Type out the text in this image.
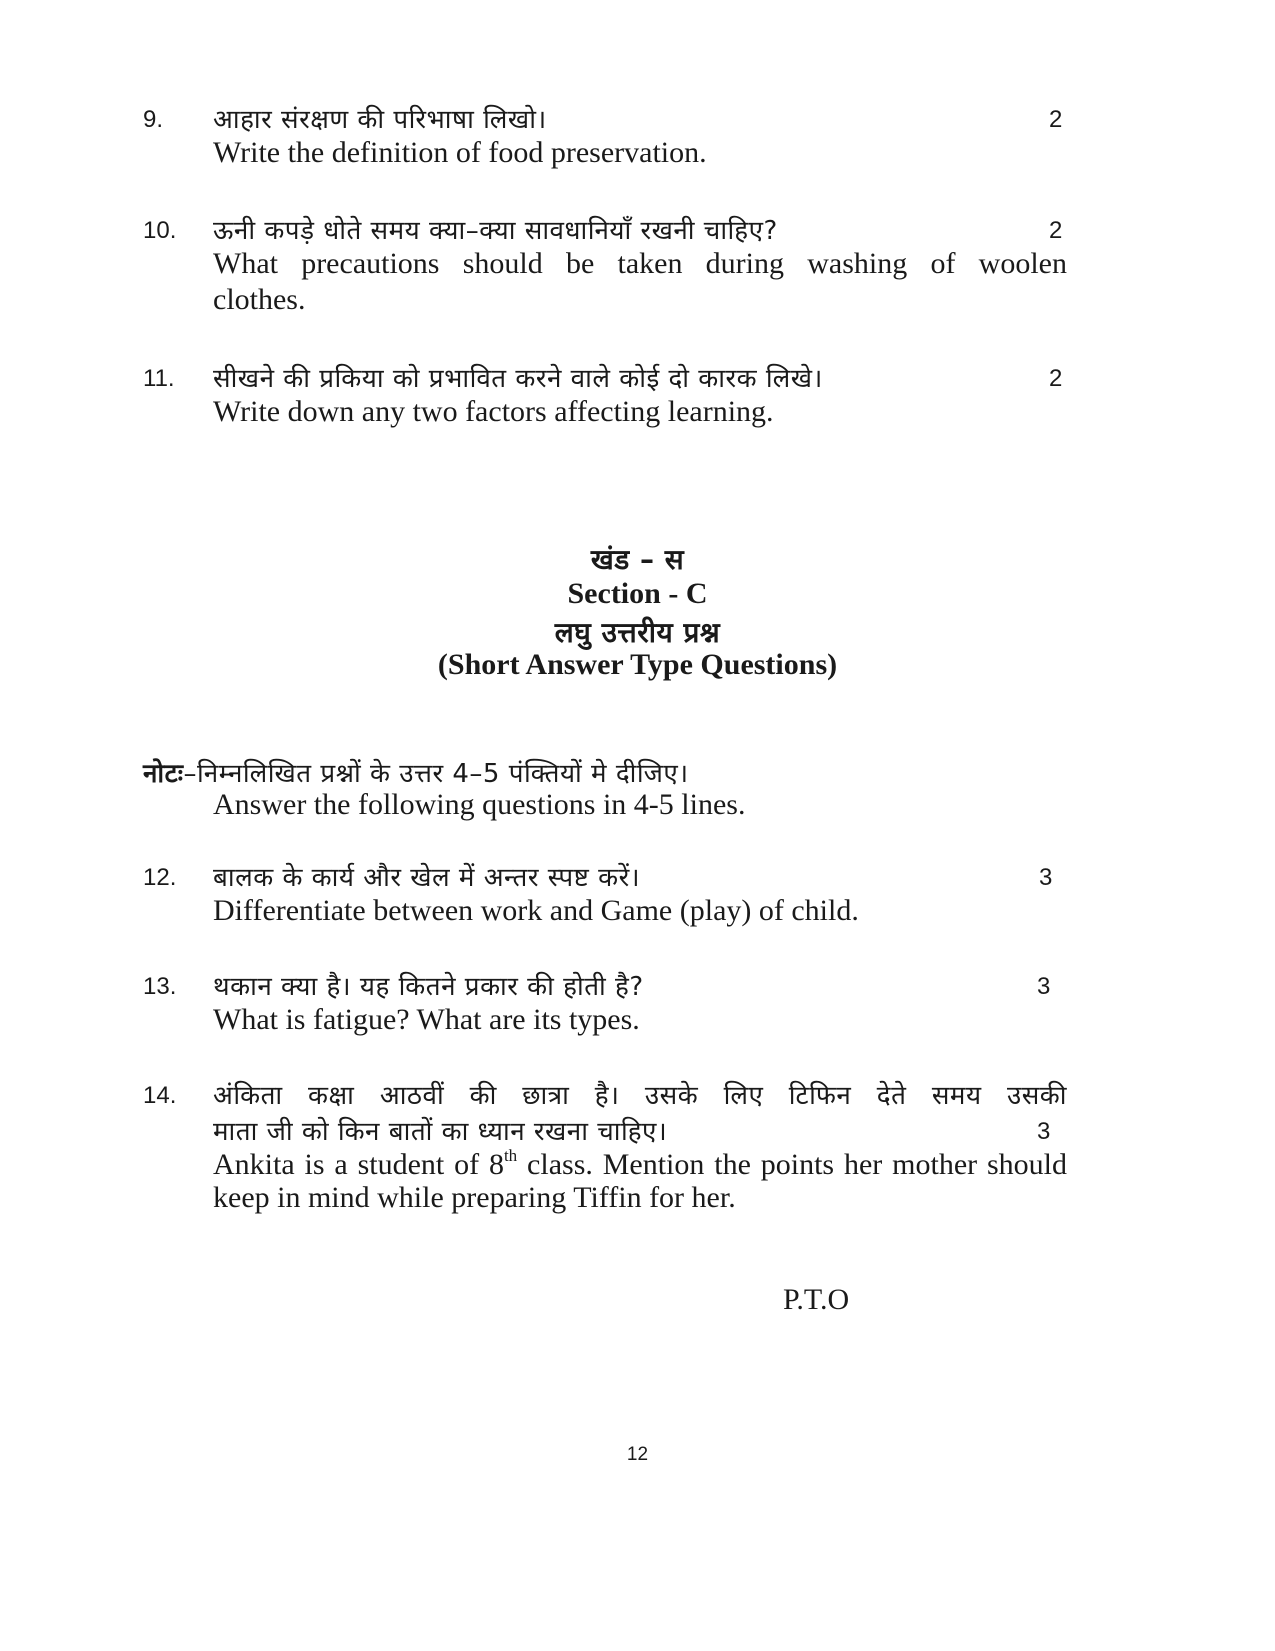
9. आहार संरक्षण की परिभाषा लिखो।	2
Write the definition of food preservation.
10. ऊनी कपड़े धोते समय क्या–क्या सावधानियाँ रखनी चाहिए?	2
What precautions should be taken during washing of woolen
clothes.
11. सीखने की प्रकिया को प्रभावित करने वाले कोई दो कारक लिखे।	2
Write down any two factors affecting learning.
खंड – स
Section - C
लघु उत्तरीय प्रश्न
(Short Answer Type Questions)
नोटः–निम्नलिखित प्रश्नों के उत्तर 4–5 पंक्तियों मे दीजिए।
Answer the following questions in 4-5 lines.
12. बालक के कार्य और खेल में अन्तर स्पष्ट करें।	3
Differentiate between work and Game (play) of child.
13. थकान क्या है। यह कितने प्रकार की होती है?	3
What is fatigue? What are its types.
14. अंकिता कक्षा आठवीं की छात्रा है। उसके लिए टिफिन देते समय उसकी
माता जी को किन बातों का ध्यान रखना चाहिए।	3
Ankita is a student of 8th class. Mention the points her mother should
keep in mind while preparing Tiffin for her.
P.T.O
12
